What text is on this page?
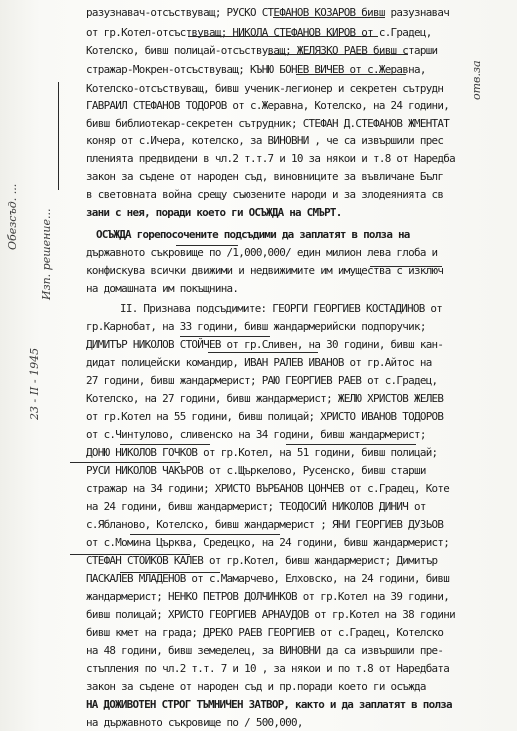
отв.за
Изп. решение...
Обезсъд. ...
23 - II - 1945
разузнавач-отсъствуващ; РУСКО СТЕФАНОВ КОЗАРОВ бивш разузнавач
от гр.Котел-отсъствуващ; НИКОЛА СТЕФАНОВ КИРОВ от с.Градец,
Котелско, бивш полицай-отсъствуващ; ЖЕЛЯЗКО РАЕВ бивш старши
стражар-Мокрен-отсъствуващ; КЪНЮ БОНЕВ ВИЧЕВ от с.Жеравна,
Котелско-отсъствуващ, бивш ученик-легионер и секретен сътрудн
ГАВРАИЛ СТЕФАНОВ ТОДОРОВ от с.Жеравна, Котелско, на 24 години,
бивш библиотекар-секретен сътрудник; СТЕФАН Д.СТЕФАНОВ ЖМЕНТАТ
коняр от с.Ичера, котелско, за ВИНОВНИ , че са извършили прес
пленията предвидени в чл.2 т.т.7 и 10 за някои и т.8 от Наредба
закон за съдене от народен съд, виновниците за въвличане Бълг
в световната война срещу съюзените народи и за злодеянията св
зани с нея, поради което ги ОСЪЖДА на СМЪРТ.
ОСЪЖДА горепосочените подсъдими да заплатят в полза на
държавното съкровище по /1,000,000/ един милион лева глоба и
конфискува всички движими и недвижимите им имущества с изключ
на домашната им покъщнина.
II. Признава подсъдимите: ГЕОРГИ ГЕОРГИЕВ КОСТАДИНОВ от
гр.Карнобат, на 33 години, бивш жандармерийски подпоручик;
ДИМИТЪР НИКОЛОВ СТОЙЧЕВ от гр.Сливен, на 30 години, бивш кан-
дидат полицейски командир, ИВАН РАЛЕВ ИВАНОВ от гр.Айтос на
27 години, бивш жандармерист; РАЮ ГЕОРГИЕВ РАЕВ от с.Градец,
Котелско, на 27 години, бивш жандармерист; ЖЕЛЮ ХРИСТОВ ЖЕЛЕВ
от гр.Котел на 55 години, бивш полицай; ХРИСТО ИВАНОВ ТОДОРОВ
от с.Чинтулово, сливенско на 34 години, бивш жандармерист;
ДОНЮ НИКОЛОВ ГОЧКОВ от гр.Котел, на 51 години, бивш полицай;
РУСИ НИКОЛОВ ЧАКЪРОВ от с.Щъркелово, Русенско, бивш старши
стражар на 34 години; ХРИСТО ВЪРБАНОВ ЦОНЧЕВ от с.Градец, Коте
на 24 години, бивш жандармерист; ТЕОДОСИЙ НИКОЛОВ ДИНИЧ от
с.Ябланово, Котелско, бивш жандармерист ; ЯНИ ГЕОРГИЕВ ДУЗЬОВ
от с.Момина Църква, Средецко, на 24 години, бивш жандармерист;
СТЕФАН СТОЙКОВ КАЛЕВ от гр.Котел, бивш жандармерист; Димитър
ПАСКАЛЕВ МЛАДЕНОВ от с.Мамарчево, Елховско, на 24 години, бивш
жандармерист; НЕНКО ПЕТРОВ ДОЛЧИНКОВ от гр.Котел на 39 години,
бивш полицай; ХРИСТО ГЕОРГИЕВ АРНАУДОВ от гр.Котел на 38 години
бивш кмет на града; ДРЕКО РАЕВ ГЕОРГИЕВ от с.Градец, Котелско
на 48 години, бивш земеделец, за ВИНОВНИ да са извършили пре-
стъпления по чл.2 т.т. 7 и 10 , за някои и по т.8 от Наредбата
закон за съдене от народен съд и пр.поради което ги осъжда
НА ДОЖИВОТЕН СТРОГ ТЪМНИЧЕН ЗАТВОР, както и да заплатят в полза
на държавното съкровище по / 500,000,
